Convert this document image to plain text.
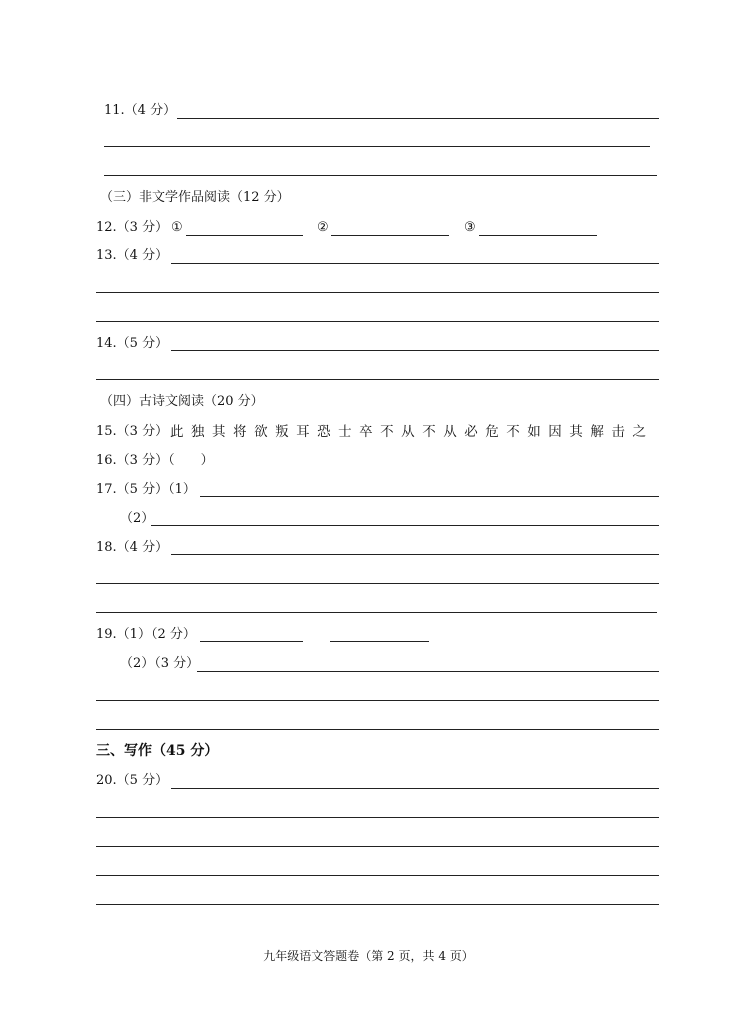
11.（4 分）
（三）非文学作品阅读（12 分）
12.（3 分） ①	②	③
13.（4 分）
14.（5 分）
（四）古诗文阅读（20 分）
15.（3 分） 此 独 其 将 欲 叛 耳 恐 士 卒 不 从 不 从 必 危 不 如 因 其 解 击 之
16.（3 分）（　　）
17.（5 分）（1）
（2）
18.（4 分）
19.（1）（2 分）
（2）（3 分）
三、写作（45 分）
20.（5 分）
九年级语文答题卷（第 2 页，共 4 页）
